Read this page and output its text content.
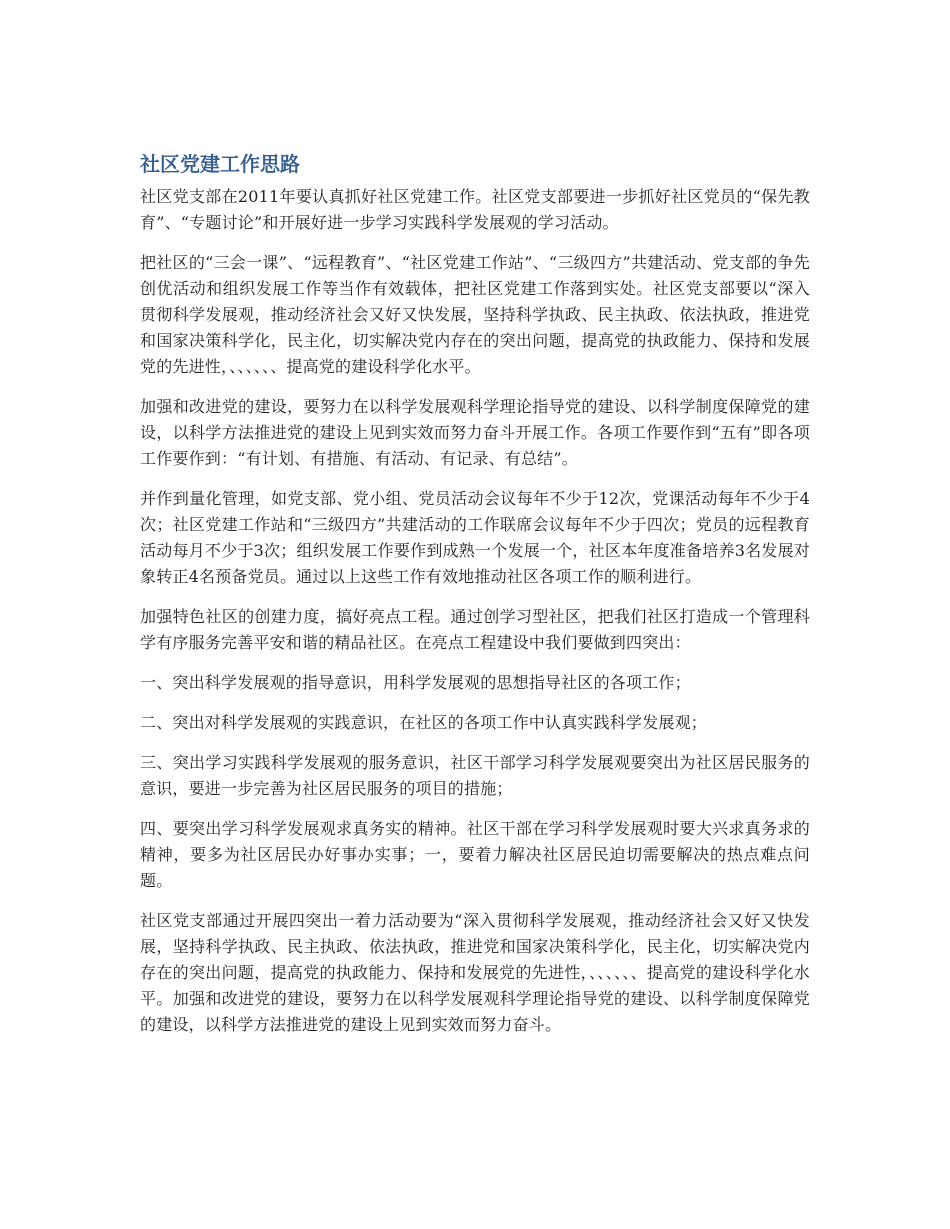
社区党建工作思路

社区党支部在2011年要认真抓好社区党建工作。社区党支部要进一步抓好社区党员的“保先教育”、“专题讨论”和开展好进一步学习实践科学发展观的学习活动。

把社区的“三会一课”、“远程教育”、“社区党建工作站”、“三级四方”共建活动、党支部的争先创优活动和组织发展工作等当作有效载体，把社区党建工作落到实处。社区党支部要以“深入贯彻科学发展观，推动经济社会又好又快发展，坚持科学执政、民主执政、依法执政，推进党和国家决策科学化，民主化，切实解决党内存在的突出问题，提高党的执政能力、保持和发展党的先进性，、、、、、、提高党的建设科学化水平。

加强和改进党的建设，要努力在以科学发展观科学理论指导党的建设、以科学制度保障党的建设，以科学方法推进党的建设上见到实效而努力奋斗开展工作。各项工作要作到“五有”即各项工作要作到：“有计划、有措施、有活动、有记录、有总结”。

并作到量化管理，如党支部、党小组、党员活动会议每年不少于12次，党课活动每年不少于4次；社区党建工作站和“三级四方”共建活动的工作联席会议每年不少于四次；党员的远程教育活动每月不少于3次；组织发展工作要作到成熟一个发展一个，社区本年度准备培养3名发展对象转正4名预备党员。通过以上这些工作有效地推动社区各项工作的顺利进行。

加强特色社区的创建力度，搞好亮点工程。通过创学习型社区，把我们社区打造成一个管理科学有序服务完善平安和谐的精品社区。在亮点工程建设中我们要做到四突出：

一、突出科学发展观的指导意识，用科学发展观的思想指导社区的各项工作；

二、突出对科学发展观的实践意识，在社区的各项工作中认真实践科学发展观；

三、突出学习实践科学发展观的服务意识，社区干部学习科学发展观要突出为社区居民服务的意识，要进一步完善为社区居民服务的项目的措施；

四、要突出学习科学发展观求真务实的精神。社区干部在学习科学发展观时要大兴求真务求的精神，要多为社区居民办好事办实事；一，要着力解决社区居民迫切需要解决的热点难点问题。

社区党支部通过开展四突出一着力活动要为“深入贯彻科学发展观，推动经济社会又好又快发展，坚持科学执政、民主执政、依法执政，推进党和国家决策科学化，民主化，切实解决党内存在的突出问题，提高党的执政能力、保持和发展党的先进性，、、、、、、提高党的建设科学化水平。加强和改进党的建设，要努力在以科学发展观科学理论指导党的建设、以科学制度保障党的建设，以科学方法推进党的建设上见到实效而努力奋斗。
